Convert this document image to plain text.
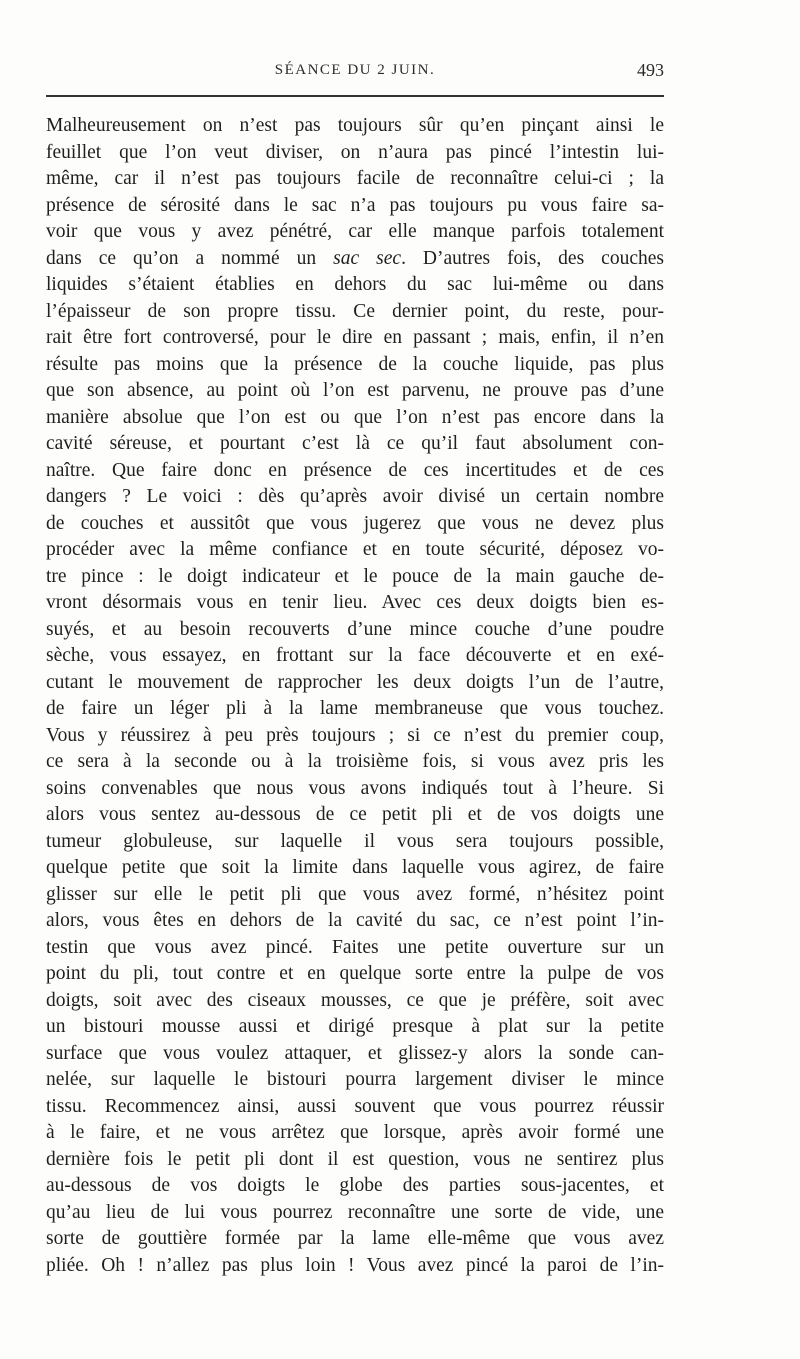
SÉANCE DU 2 JUIN.	493
Malheureusement on n’est pas toujours sûr qu’en pinçant ainsi le
feuillet que l’on veut diviser, on n’aura pas pincé l’intestin lui-
même, car il n’est pas toujours facile de reconnaître celui-ci ; la
présence de sérosité dans le sac n’a pas toujours pu vous faire sa-
voir que vous y avez pénétré, car elle manque parfois totalement
dans ce qu’on a nommé un sac sec. D’autres fois, des couches
liquides s’étaient établies en dehors du sac lui-même ou dans
l’épaisseur de son propre tissu. Ce dernier point, du reste, pour-
rait être fort controversé, pour le dire en passant ; mais, enfin, il n’en
résulte pas moins que la présence de la couche liquide, pas plus
que son absence, au point où l’on est parvenu, ne prouve pas d’une
manière absolue que l’on est ou que l’on n’est pas encore dans la
cavité séreuse, et pourtant c’est là ce qu’il faut absolument con-
naître. Que faire donc en présence de ces incertitudes et de ces
dangers ? Le voici : dès qu’après avoir divisé un certain nombre
de couches et aussitôt que vous jugerez que vous ne devez plus
procéder avec la même confiance et en toute sécurité, déposez vo-
tre pince : le doigt indicateur et le pouce de la main gauche de-
vront désormais vous en tenir lieu. Avec ces deux doigts bien es-
suyés, et au besoin recouverts d’une mince couche d’une poudre
sèche, vous essayez, en frottant sur la face découverte et en exé-
cutant le mouvement de rapprocher les deux doigts l’un de l’autre,
de faire un léger pli à la lame membraneuse que vous touchez.
Vous y réussirez à peu près toujours ; si ce n’est du premier coup,
ce sera à la seconde ou à la troisième fois, si vous avez pris les
soins convenables que nous vous avons indiqués tout à l’heure. Si
alors vous sentez au-dessous de ce petit pli et de vos doigts une
tumeur globuleuse, sur laquelle il vous sera toujours possible,
quelque petite que soit la limite dans laquelle vous agirez, de faire
glisser sur elle le petit pli que vous avez formé, n’hésitez point
alors, vous êtes en dehors de la cavité du sac, ce n’est point l’in-
testin que vous avez pincé. Faites une petite ouverture sur un
point du pli, tout contre et en quelque sorte entre la pulpe de vos
doigts, soit avec des ciseaux mousses, ce que je préfère, soit avec
un bistouri mousse aussi et dirigé presque à plat sur la petite
surface que vous voulez attaquer, et glissez-y alors la sonde can-
nelée, sur laquelle le bistouri pourra largement diviser le mince
tissu. Recommencez ainsi, aussi souvent que vous pourrez réussir
à le faire, et ne vous arrêtez que lorsque, après avoir formé une
dernière fois le petit pli dont il est question, vous ne sentirez plus
au-dessous de vos doigts le globe des parties sous-jacentes, et
qu’au lieu de lui vous pourrez reconnaître une sorte de vide, une
sorte de gouttière formée par la lame elle-même que vous avez
pliée. Oh ! n’allez pas plus loin ! Vous avez pincé la paroi de l’in-
